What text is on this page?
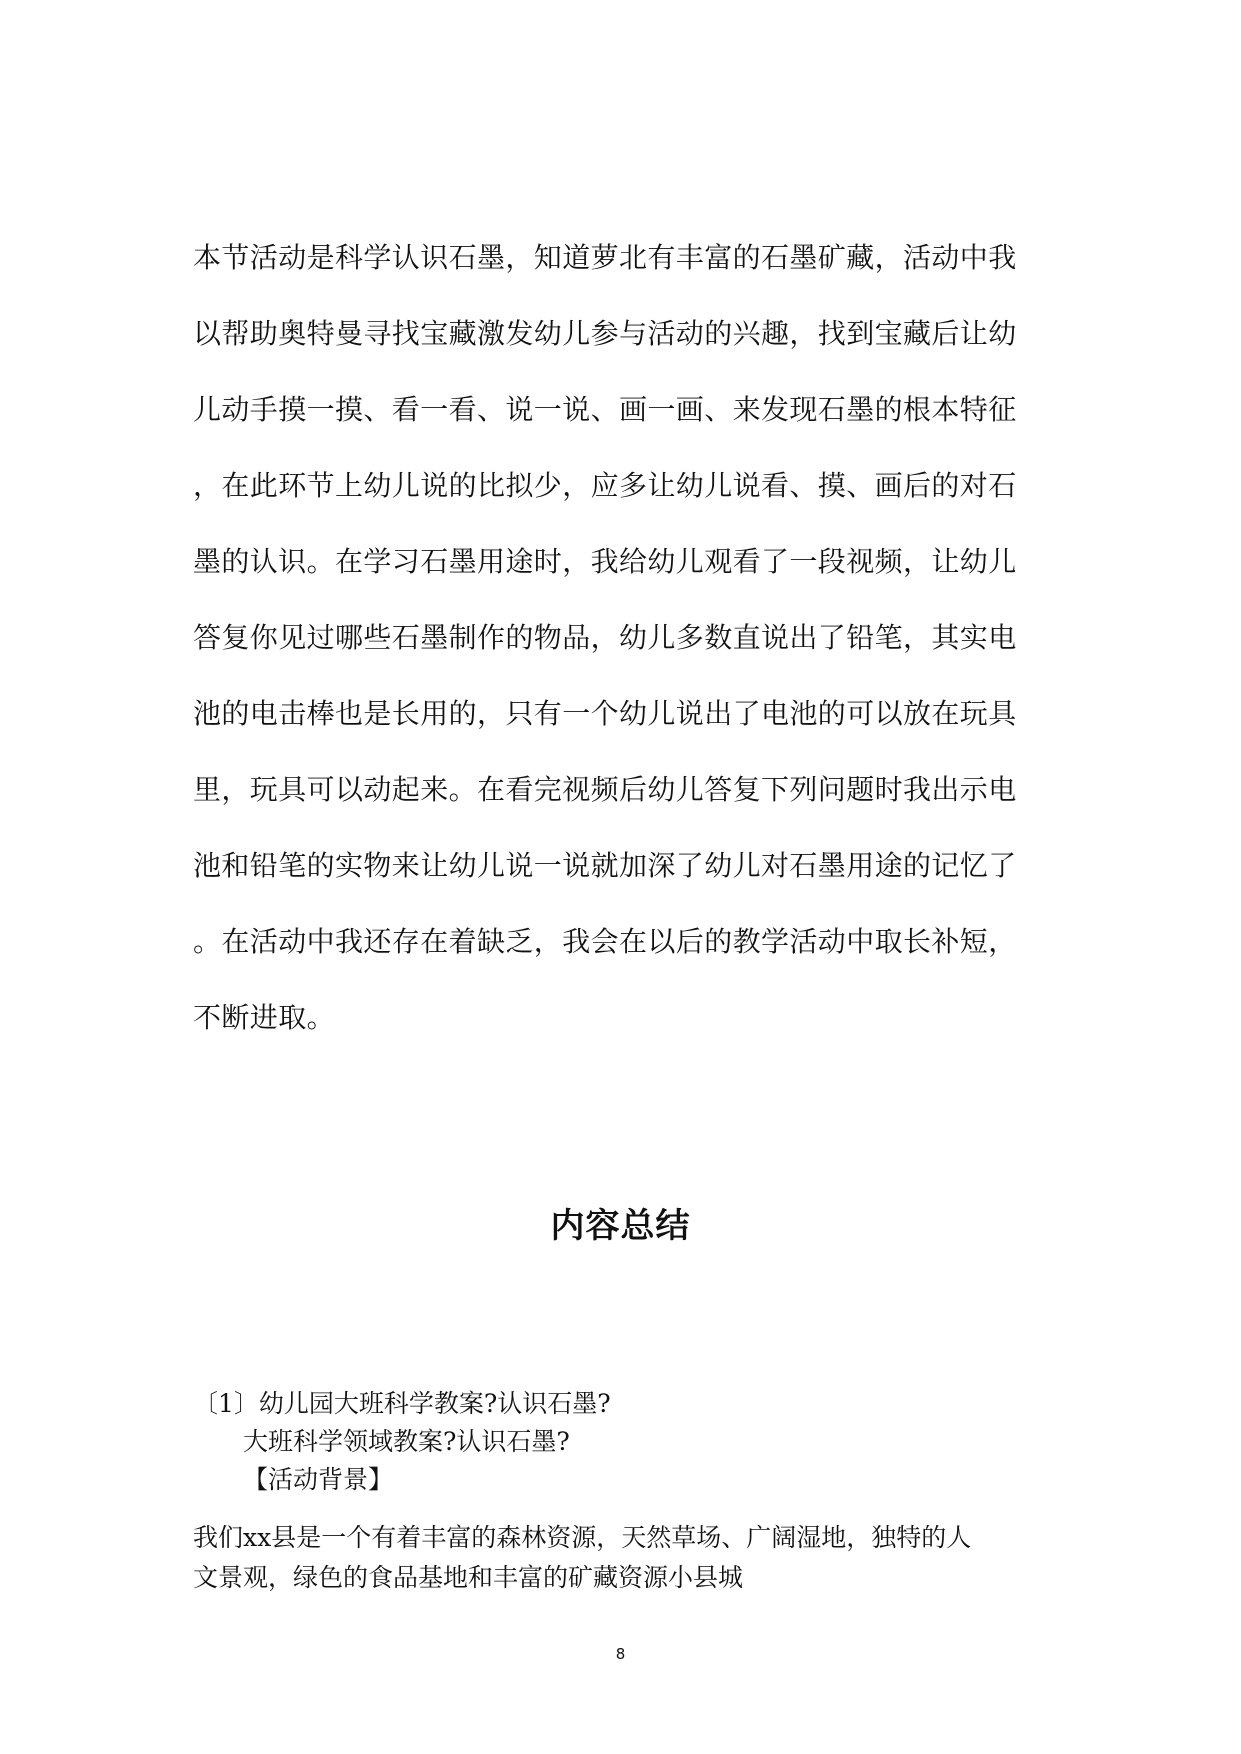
本节活动是科学认识石墨，知道萝北有丰富的石墨矿藏，活动中我
以帮助奥特曼寻找宝藏激发幼儿参与活动的兴趣，找到宝藏后让幼
儿动手摸一摸、看一看、说一说、画一画、来发现石墨的根本特征
，在此环节上幼儿说的比拟少，应多让幼儿说看、摸、画后的对石
墨的认识。在学习石墨用途时，我给幼儿观看了一段视频，让幼儿
答复你见过哪些石墨制作的物品，幼儿多数直说出了铅笔，其实电
池的电击棒也是长用的，只有一个幼儿说出了电池的可以放在玩具
里，玩具可以动起来。在看完视频后幼儿答复下列问题时我出示电
池和铅笔的实物来让幼儿说一说就加深了幼儿对石墨用途的记忆了
。在活动中我还存在着缺乏，我会在以后的教学活动中取长补短，
不断进取。
内容总结
〔1〕幼儿园大班科学教案?认识石墨?
大班科学领域教案?认识石墨?
【活动背景】
我们xx县是一个有着丰富的森林资源，天然草场、广阔湿地，独特的人
文景观，绿色的食品基地和丰富的矿藏资源小县城
8
